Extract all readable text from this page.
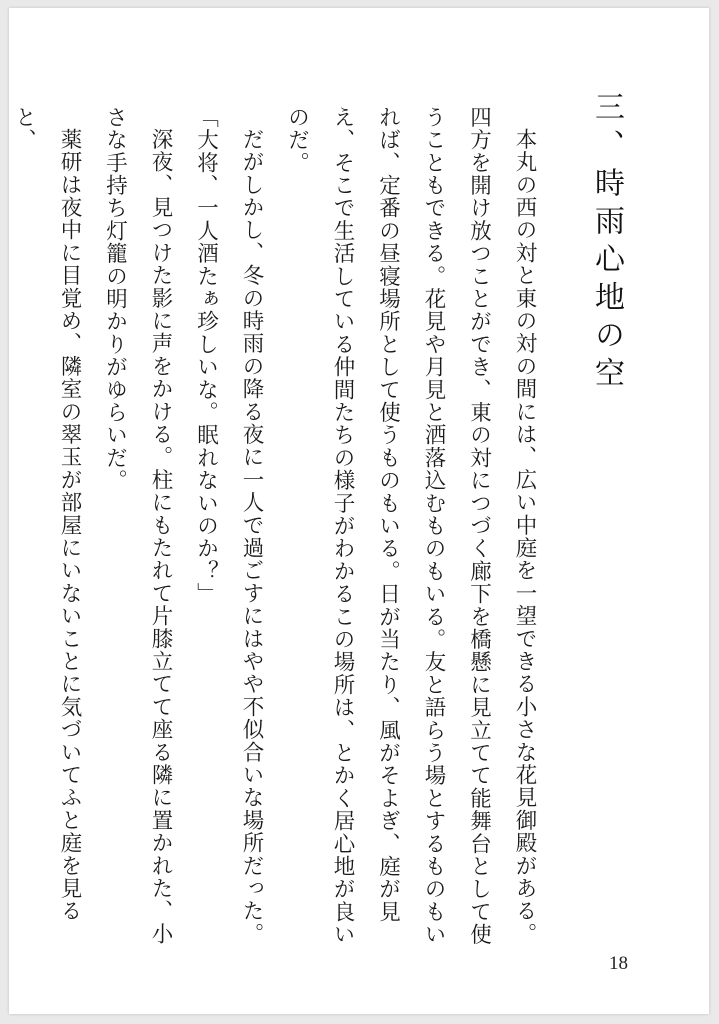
三、時雨心地の空

本丸の西の対と東の対の間には、広い中庭を一望できる小さな花見御殿がある。四方を開け放つことができ、東の対につづく廊下を橋懸に見立てて能舞台として使うこともできる。花見や月見と洒落込むものもいる。友と語らう場とするものもいれば、定番の昼寝場所として使うものもいる。日が当たり、風がそよぎ、庭が見え、そこで生活している仲間たちの様子がわかるこの場所は、とかく居心地が良いのだ。

だがしかし、冬の時雨の降る夜に一人で過ごすにはやや不似合いな場所だった。

「大将、一人酒たぁ珍しいな。眠れないのか？」

深夜、見つけた影に声をかける。柱にもたれて片膝立てて座る隣に置かれた、小さな手持ち灯籠の明かりがゆらいだ。

薬研は夜中に目覚め、隣室の翠玉が部屋にいないことに気づいてふと庭を見ると、

18
